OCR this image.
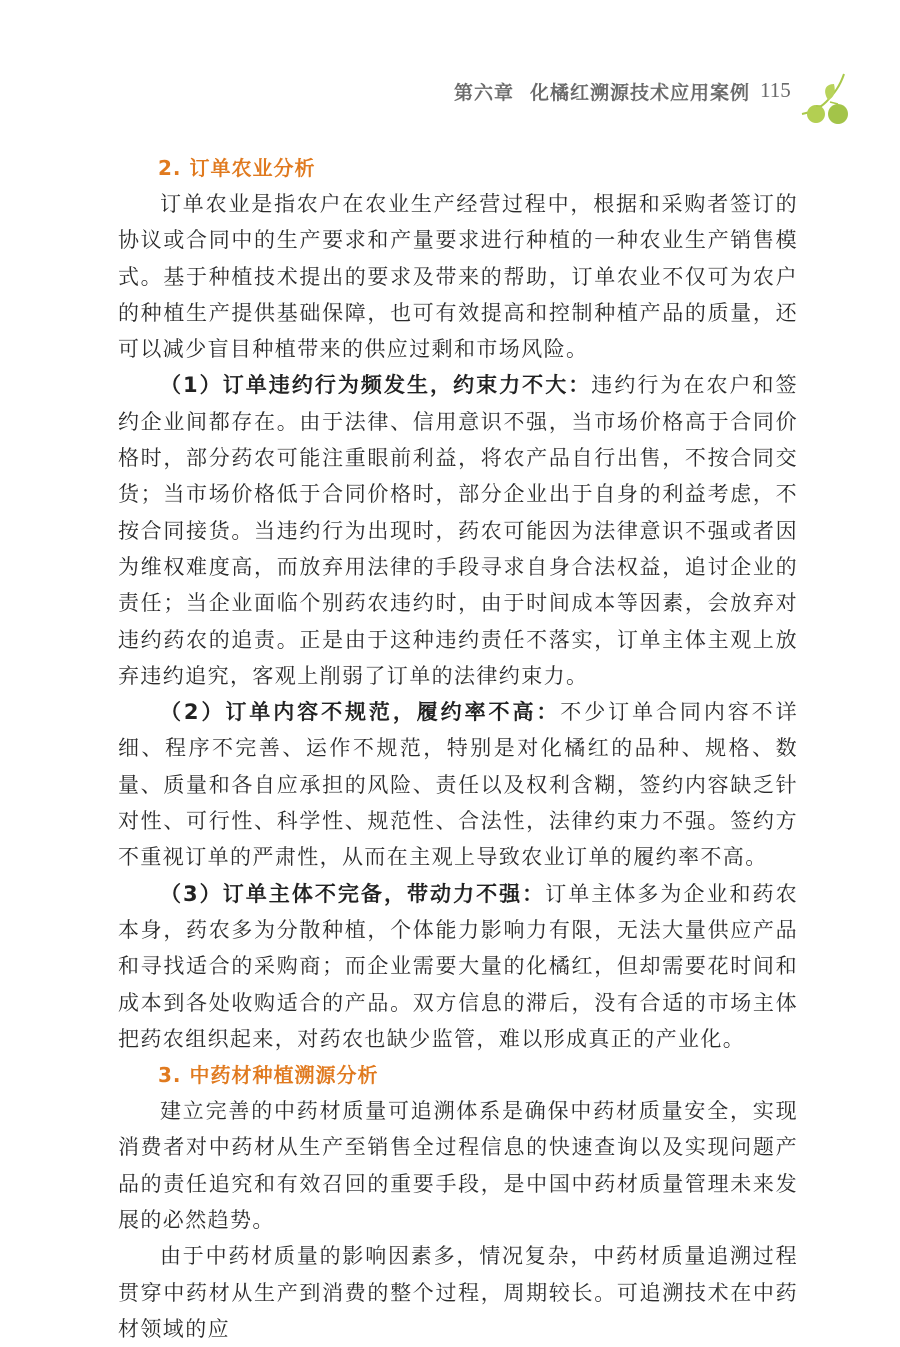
第六章 化橘红溯源技术应用案例 115
2. 订单农业分析

订单农业是指农户在农业生产经营过程中，根据和采购者签订的协议或合同中的生产要求和产量要求进行种植的一种农业生产销售模式。基于种植技术提出的要求及带来的帮助，订单农业不仅可为农户的种植生产提供基础保障，也可有效提高和控制种植产品的质量，还可以减少盲目种植带来的供应过剩和市场风险。

（1）订单违约行为频发生，约束力不大：违约行为在农户和签约企业间都存在。由于法律、信用意识不强，当市场价格高于合同价格时，部分药农可能注重眼前利益，将农产品自行出售，不按合同交货；当市场价格低于合同价格时，部分企业出于自身的利益考虑，不按合同接货。当违约行为出现时，药农可能因为法律意识不强或者因为维权难度高，而放弃用法律的手段寻求自身合法权益，追讨企业的责任；当企业面临个别药农违约时，由于时间成本等因素，会放弃对违约药农的追责。正是由于这种违约责任不落实，订单主体主观上放弃违约追究，客观上削弱了订单的法律约束力。

（2）订单内容不规范，履约率不高：不少订单合同内容不详细、程序不完善、运作不规范，特别是对化橘红的品种、规格、数量、质量和各自应承担的风险、责任以及权利含糊，签约内容缺乏针对性、可行性、科学性、规范性、合法性，法律约束力不强。签约方不重视订单的严肃性，从而在主观上导致农业订单的履约率不高。

（3）订单主体不完备，带动力不强：订单主体多为企业和药农本身，药农多为分散种植，个体能力影响力有限，无法大量供应产品和寻找适合的采购商；而企业需要大量的化橘红，但却需要花时间和成本到各处收购适合的产品。双方信息的滞后，没有合适的市场主体把药农组织起来，对药农也缺少监管，难以形成真正的产业化。

3. 中药材种植溯源分析

建立完善的中药材质量可追溯体系是确保中药材质量安全，实现消费者对中药材从生产至销售全过程信息的快速查询以及实现问题产品的责任追究和有效召回的重要手段，是中国中药材质量管理未来发展的必然趋势。

由于中药材质量的影响因素多，情况复杂，中药材质量追溯过程贯穿中药材从生产到消费的整个过程，周期较长。可追溯技术在中药材领域的应
